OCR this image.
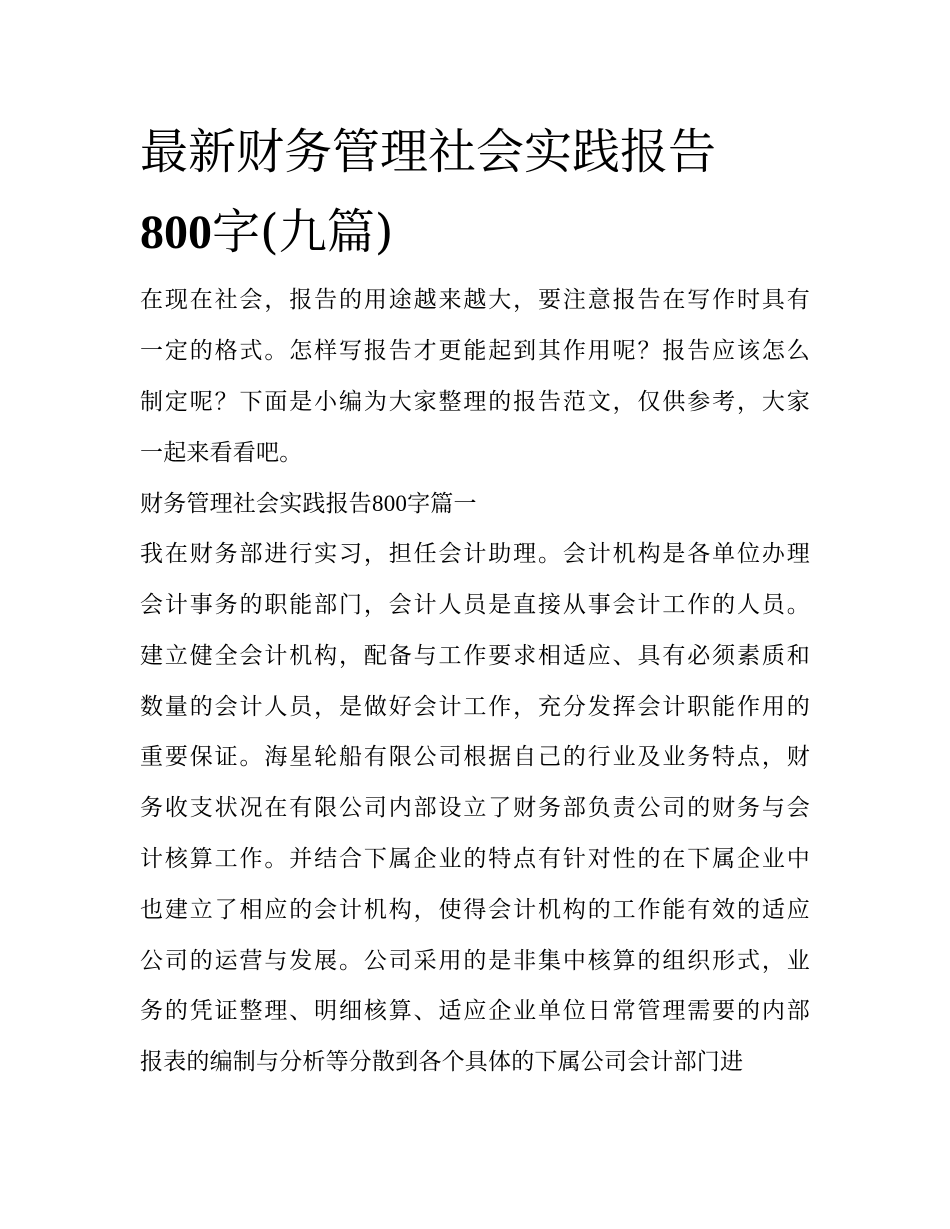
最新财务管理社会实践报告
800字(九篇)

在现在社会，报告的用途越来越大，要注意报告在写作时具有

一定的格式。怎样写报告才更能起到其作用呢？报告应该怎么

制定呢？下面是小编为大家整理的报告范文，仅供参考，大家

一起来看看吧。

财务管理社会实践报告800字篇一

我在财务部进行实习，担任会计助理。会计机构是各单位办理

会计事务的职能部门，会计人员是直接从事会计工作的人员。

建立健全会计机构，配备与工作要求相适应、具有必须素质和

数量的会计人员，是做好会计工作，充分发挥会计职能作用的

重要保证。海星轮船有限公司根据自己的行业及业务特点，财

务收支状况在有限公司内部设立了财务部负责公司的财务与会

计核算工作。并结合下属企业的特点有针对性的在下属企业中

也建立了相应的会计机构，使得会计机构的工作能有效的适应

公司的运营与发展。公司采用的是非集中核算的组织形式，业

务的凭证整理、明细核算、适应企业单位日常管理需要的内部

报表的编制与分析等分散到各个具体的下属公司会计部门进
